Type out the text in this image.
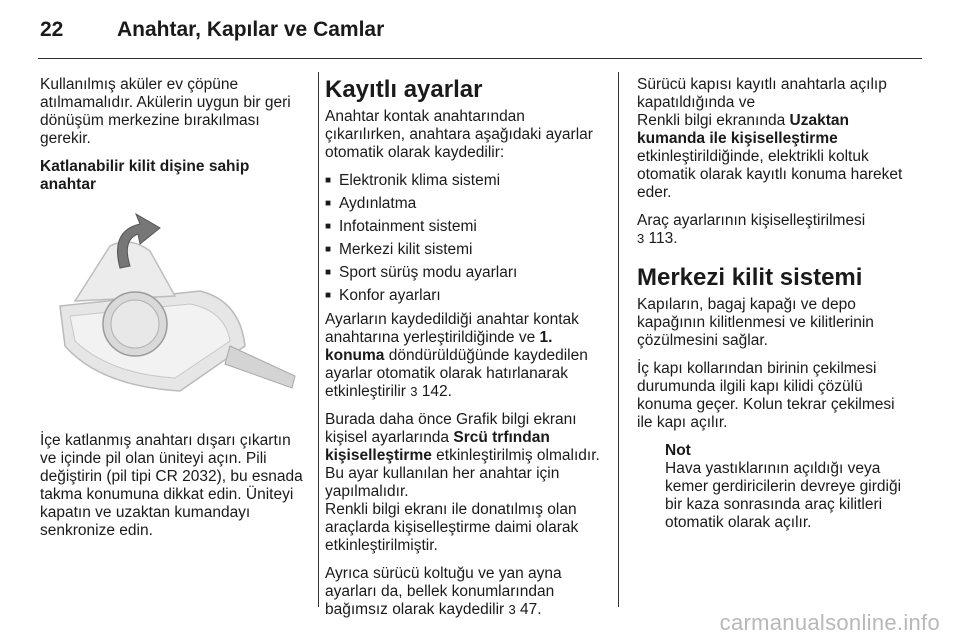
22	Anahtar, Kapılar ve Camlar

Kullanılmış aküler ev çöpüne atılmamalıdır. Akülerin uygun bir geri dönüşüm merkezine bırakılması gerekir.

Katlanabilir kilit dişine sahip anahtar

İçe katlanmış anahtarı dışarı çıkartın ve içinde pil olan üniteyi açın. Pili değiştirin (pil tipi CR 2032), bu esnada takma konumuna dikkat edin. Üniteyi kapatın ve uzaktan kumandayı senkronize edin.

Kayıtlı ayarlar

Anahtar kontak anahtarından çıkarılırken, anahtara aşağıdaki ayarlar otomatik olarak kaydedilir:

■ Elektronik klima sistemi
■ Aydınlatma
■ Infotainment sistemi
■ Merkezi kilit sistemi
■ Sport sürüş modu ayarları
■ Konfor ayarları

Ayarların kaydedildiği anahtar kontak anahtarına yerleştirildiğinde ve 1. konuma döndürüldüğünde kaydedilen ayarlar otomatik olarak hatırlanarak etkinleştirilir 3 142.

Burada daha önce Grafik bilgi ekranı kişisel ayarlarında Srcü trfından kişiselleştirme etkinleştirilmiş olmalıdır. Bu ayar kullanılan her anahtar için yapılmalıdır.
Renkli bilgi ekranı ile donatılmış olan araçlarda kişiselleştirme daimi olarak etkinleştirilmiştir.

Ayrıca sürücü koltuğu ve yan ayna ayarları da, bellek konumlarından bağımsız olarak kaydedilir 3 47.

Sürücü kapısı kayıtlı anahtarla açılıp kapatıldığında ve
Renkli bilgi ekranında Uzaktan kumanda ile kişiselleştirme etkinleştirildiğinde, elektrikli koltuk otomatik olarak kayıtlı konuma hareket eder.

Araç ayarlarının kişiselleştirilmesi
3 113.

Merkezi kilit sistemi

Kapıların, bagaj kapağı ve depo kapağının kilitlenmesi ve kilitlerinin çözülmesini sağlar.

İç kapı kollarından birinin çekilmesi durumunda ilgili kapı kilidi çözülü konuma geçer. Kolun tekrar çekilmesi ile kapı açılır.

Not
Hava yastıklarının açıldığı veya kemer gerdiricilerin devreye girdiği bir kaza sonrasında araç kilitleri otomatik olarak açılır.
carmanualsonline.info
